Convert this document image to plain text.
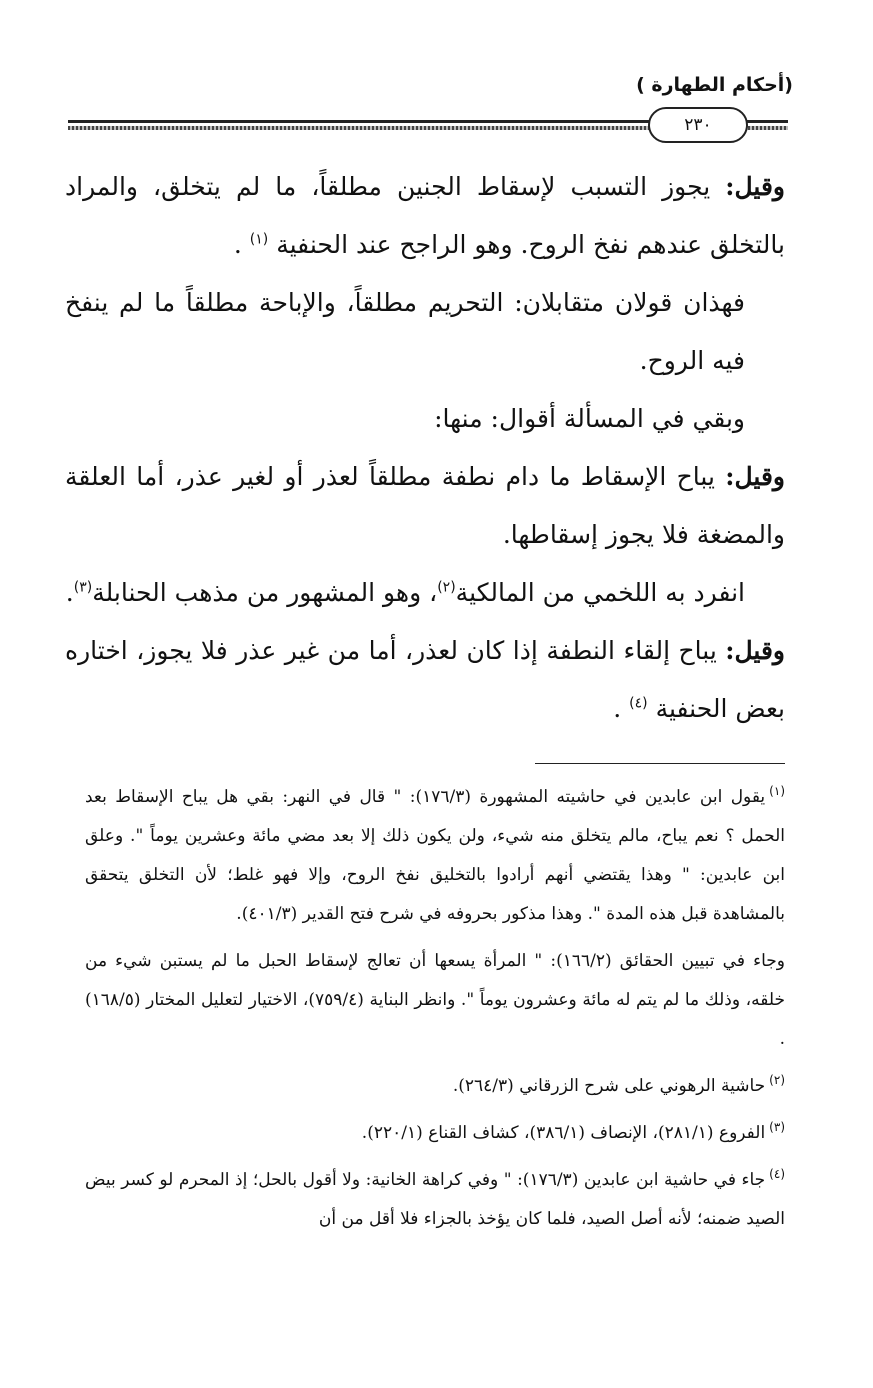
(أحكام الطهارة )
٢٣٠

وقيل: يجوز التسبب لإسقاط الجنين مطلقاً، ما لم يتخلق، والمراد بالتخلق عندهم نفخ الروح. وهو الراجح عند الحنفية $^{(١)}$ .

فهذان قولان متقابلان: التحريم مطلقاً، والإباحة مطلقاً ما لم ينفخ فيه الروح.

وبقي في المسألة أقوال: منها:

وقيل: يباح الإسقاط ما دام نطفة مطلقاً لعذر أو لغير عذر، أما العلقة والمضغة فلا يجوز إسقاطها.

انفرد به اللخمي من المالكية$^{(٢)}$، وهو المشهور من مذهب الحنابلة$^{(٣)}$.

وقيل: يباح إلقاء النطفة إذا كان لعذر، أما من غير عذر فلا يجوز، اختاره بعض الحنفية $^{(٤)}$ .

$^{(١)}$يقول ابن عابدين في حاشيته المشهورة (١٧٦/٣): " قال في النهر: بقي هل يباح الإسقاط بعد الحمل ؟ نعم يباح، مالم يتخلق منه شيء، ولن يكون ذلك إلا بعد مضي مائة وعشرين يوماً ". وعلق ابن عابدين: " وهذا يقتضي أنهم أرادوا بالتخليق نفخ الروح، وإلا فهو غلط؛ لأن التخلق يتحقق بالمشاهدة قبل هذه المدة ". وهذا مذكور بحروفه في شرح فتح القدير (٤٠١/٣).

وجاء في تبيين الحقائق (١٦٦/٢): " المرأة يسعها أن تعالج لإسقاط الحبل ما لم يستبن شيء من خلقه، وذلك ما لم يتم له مائة وعشرون يوماً ". وانظر البناية (٧٥٩/٤)، الاختيار لتعليل المختار (١٦٨/٥) .

$^{(٢)}$حاشية الرهوني على شرح الزرقاني (٢٦٤/٣).

$^{(٣)}$الفروع (٢٨١/١)، الإنصاف (٣٨٦/١)، كشاف القناع (٢٢٠/١).

$^{(٤)}$جاء في حاشية ابن عابدين (١٧٦/٣): " وفي كراهة الخانية: ولا أقول بالحل؛ إذ المحرم لو كسر بيض الصيد ضمنه؛ لأنه أصل الصيد، فلما كان يؤخذ بالجزاء فلا أقل من أن
